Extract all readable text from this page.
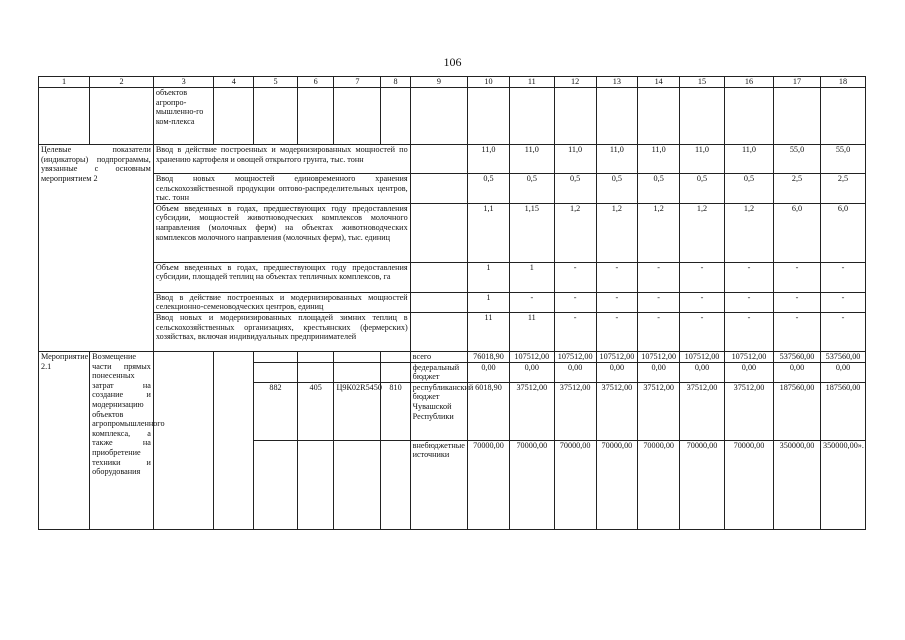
106
1	2	3	4	5	6	7	8	9	10	11	12	13	14	15	16	17	18
		объектов агропро-мышленно-го ком-плекса															
Целевые показатели (индикаторы) подпрограммы, увязанные с основным мероприятием 2		Ввод в действие построенных и модернизированных мощностей по хранению картофеля и овощей открытого грунта, тыс. тонн							11,0	11,0	11,0	11,0	11,0	11,0	11,0	55,0	55,0
		Ввод новых мощностей единовременного хранения сельскохозяйственной продукции оптово-распределительных центров, тыс. тонн							0,5	0,5	0,5	0,5	0,5	0,5	0,5	2,5	2,5
		Объем введенных в годах, предшествующих году предоставления субсидии, мощностей животноводческих комплексов молочного направления (молочных ферм) на объектах животноводческих комплексов молочного направления (молочных ферм), тыс. единиц							1,1	1,15	1,2	1,2	1,2	1,2	1,2	6,0	6,0
		Объем введенных в годах, предшествующих году предоставления субсидии, площадей теплиц на объектах тепличных комплексов, га							1	1	-	-	-	-	-	-	-
		Ввод в действие построенных и модернизированных мощностей селекционно-семеноводческих центров, единиц							1	-	-	-	-	-	-	-	-
		Ввод новых и модернизированных площадей зимних теплиц в сельскохозяйственных организациях, крестьянских (фермерских) хозяйствах, включая индивидуальных предпринимателей							11	11	-	-	-	-	-	-	-
Мероприятие 2.1	Возмещение части прямых понесенных затрат на создание и модернизацию объектов агропромышленного комплекса, а также на приобретение техники и оборудования							всего	76018,90	107512,00	107512,00	107512,00	107512,00	107512,00	107512,00	537560,00	537560,00
								федеральный бюджет	0,00	0,00	0,00	0,00	0,00	0,00	0,00	0,00	0,00
				882	405	Ц9К02R5450	810	республиканский бюджет Чувашской Республики	6018,90	37512,00	37512,00	37512,00	37512,00	37512,00	37512,00	187560,00	187560,00
								внебюджетные источники	70000,00	70000,00	70000,00	70000,00	70000,00	70000,00	70000,00	350000,00	350000,00».
